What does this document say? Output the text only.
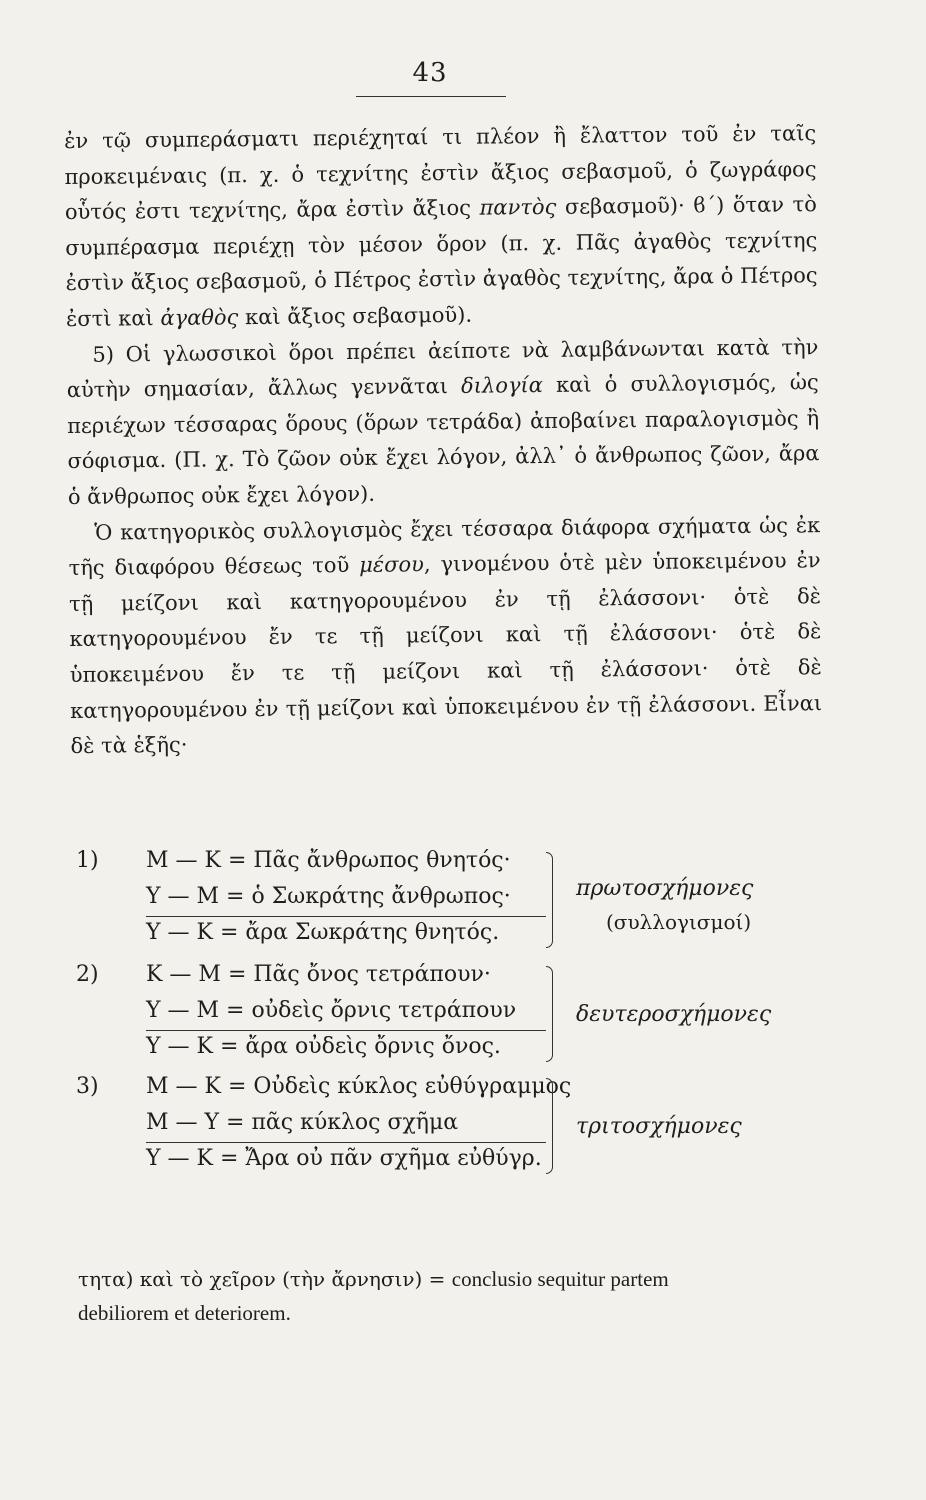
43

ἐν τῷ συμπεράσματι περιέχηταί τι πλέον ἢ ἔλαττον τοῦ ἐν ταῖς προκειμέναις (π. χ. ὁ τεχνίτης ἐστὶν ἄξιος σεβασμοῦ, ὁ ζωγράφος οὗτός ἐστι τεχνίτης, ἄρα ἐστὶν ἄξιος παντὸς σεβασμοῦ)· ϐ΄) ὅταν τὸ συμπέρασμα περιέχῃ τὸν μέσον ὅρον (π. χ. Πᾶς ἀγαθὸς τεχνίτης ἐστὶν ἄξιος σεβασμοῦ, ὁ Πέτρος ἐστὶν ἀγαθὸς τεχνίτης, ἄρα ὁ Πέτρος ἐστὶ καὶ ἀγαθὸς καὶ ἄξιος σεβασμοῦ).

5) Οἱ γλωσσικοὶ ὅροι πρέπει ἀείποτε νὰ λαμβάνωνται κατὰ τὴν αὐτὴν σημασίαν, ἄλλως γεννᾶται διλογία καὶ ὁ συλλογισμός, ὡς περιέχων τέσσαρας ὅρους (ὅρων τετράδα) ἀποβαίνει παραλογισμὸς ἢ σόφισμα. (Π. χ. Τὸ ζῶον οὐκ ἔχει λόγον, ἀλλ᾽ ὁ ἄνθρωπος ζῶον, ἄρα ὁ ἄνθρωπος οὐκ ἔχει λόγον).

Ὁ κατηγορικὸς συλλογισμὸς ἔχει τέσσαρα διάφορα σχήματα ὡς ἐκ τῆς διαφόρου θέσεως τοῦ μέσου, γινομένου ὁτὲ μὲν ὑποκειμένου ἐν τῇ μείζονι καὶ κατηγορουμένου ἐν τῇ ἐλάσσονι· ὁτὲ δὲ κατηγορουμένου ἔν τε τῇ μείζονι καὶ τῇ ἐλάσσονι· ὁτὲ δὲ ὑποκειμένου ἔν τε τῇ μείζονι καὶ τῇ ἐλάσσονι· ὁτὲ δὲ κατηγορουμένου ἐν τῇ μείζονι καὶ ὑποκειμένου ἐν τῇ ἐλάσσονι. Εἶναι δὲ τὰ ἑξῆς·

1) Μ — Κ = Πᾶς ἄνθρωπος θνητός·
Υ — Μ = ὁ Σωκράτης ἄνθρωπος·
Υ — Κ = ἄρα Σωκράτης θνητός.
πρωτοσχήμονες
(συλλογισμοί)
2) Κ — Μ = Πᾶς ὄνος τετράπουν·
Υ — Μ = οὐδεὶς ὄρνις τετράπουν
Υ — Κ = ἄρα οὐδεὶς ὄρνις ὄνος.
δευτεροσχήμονες
3) Μ — Κ = Οὐδεὶς κύκλος εὐθύγραμμος
Μ — Υ = πᾶς κύκλος σχῆμα
Υ — Κ = Ἄρα οὐ πᾶν σχῆμα εὐθύγρ.
τριτοσχήμονες

τητα) καὶ τὸ χεῖρον (τὴν ἄρνησιν) = conclusio sequitur partem

debiliorem et deteriorem.
